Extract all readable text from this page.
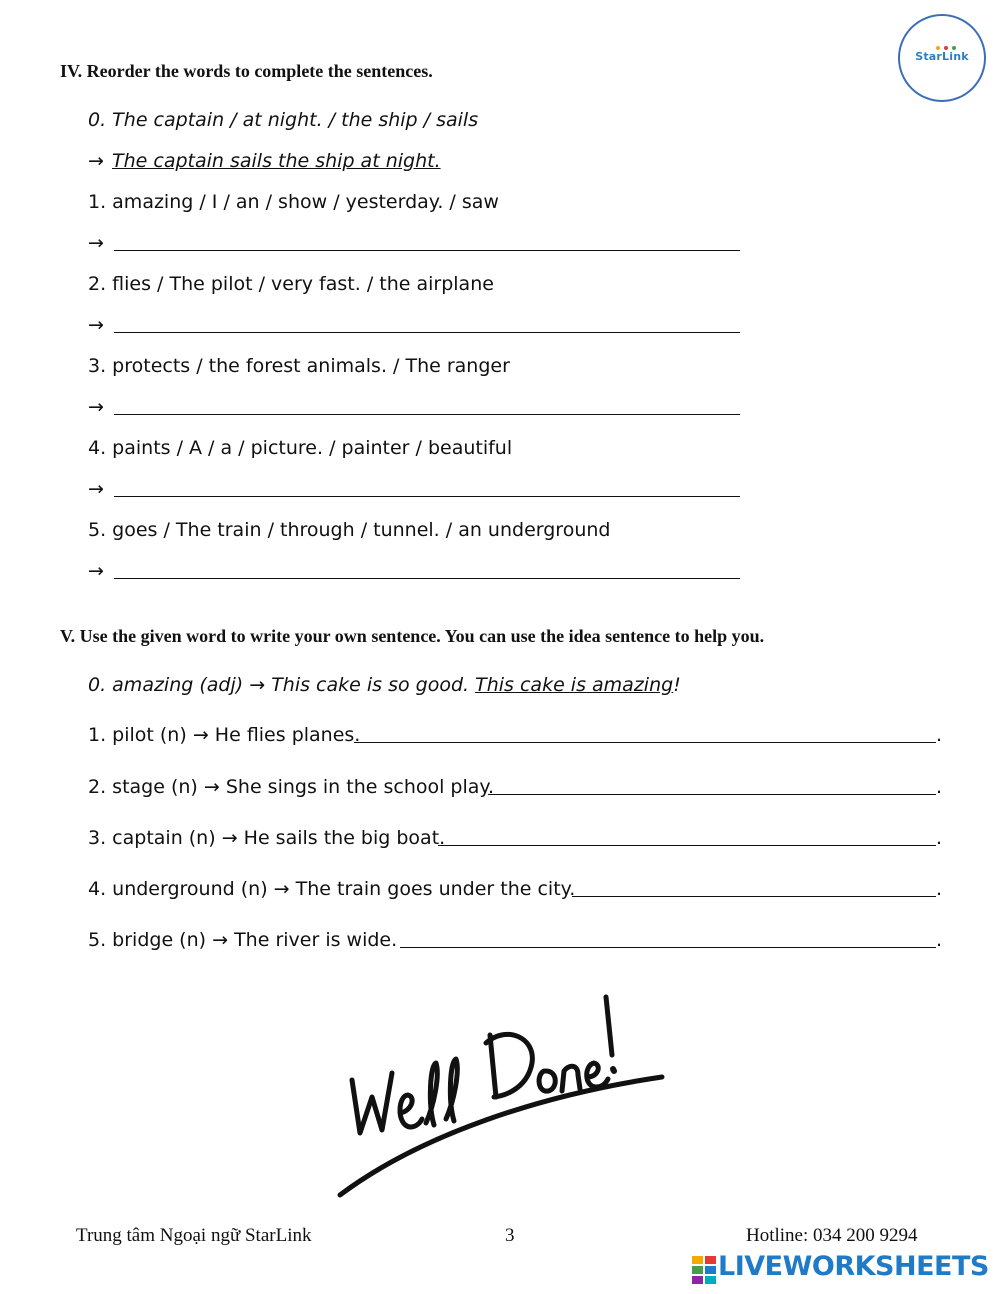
StarLink
IV. Reorder the words to complete the sentences.
0. The captain / at night. / the ship / sails
→ The captain sails the ship at night.
1. amazing / I / an / show / yesterday. / saw
→
2. flies / The pilot / very fast. / the airplane
→
3. protects / the forest animals. / The ranger
→
4. paints / A / a / picture. / painter / beautiful
→
5. goes / The train / through / tunnel. / an underground
→
V. Use the given word to write your own sentence. You can use the idea sentence to help you.
0. amazing (adj) → This cake is so good. This cake is amazing!
1. pilot (n) → He flies planes.	.
2. stage (n) → She sings in the school play.	.
3. captain (n) → He sails the big boat.	.
4. underground (n) → The train goes under the city.	.
5. bridge (n) → The river is wide.	.
Trung tâm Ngoại ngữ StarLink	3	Hotline: 034 200 9294
LIVEWORKSHEETS
